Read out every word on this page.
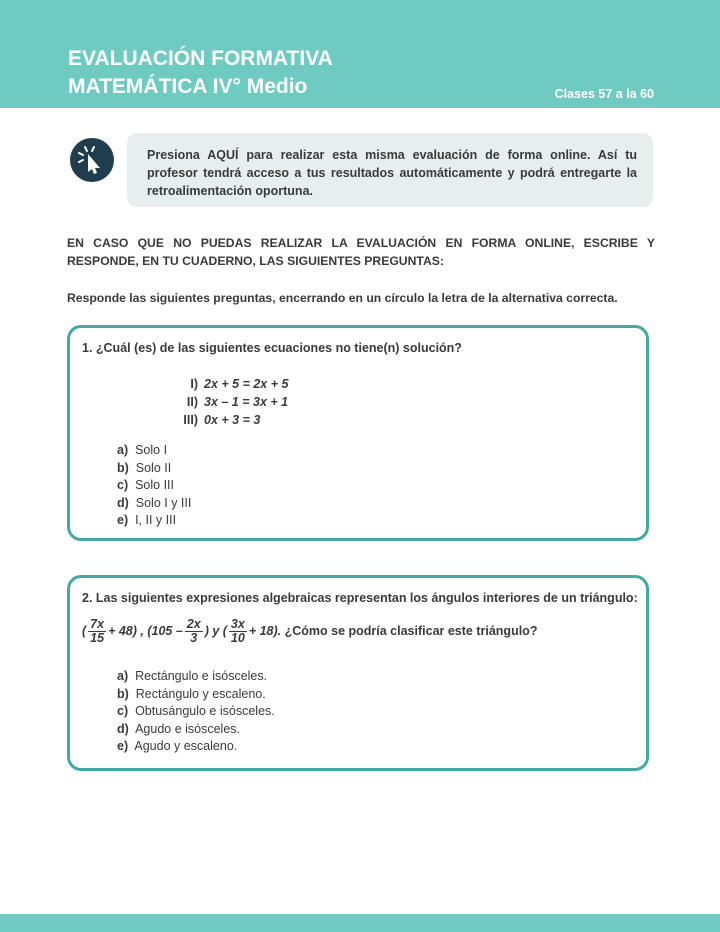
EVALUACIÓN FORMATIVA
MATEMÁTICA IV° Medio	Clases 57 a la 60
Presiona AQUÍ para realizar esta misma evaluación de forma online. Así tu profesor tendrá acceso a tus resultados automáticamente y podrá entregarte la retroalimentación oportuna.
EN CASO QUE NO PUEDAS REALIZAR LA EVALUACIÓN EN FORMA ONLINE, ESCRIBE Y RESPONDE, EN TU CUADERNO, LAS SIGUIENTES PREGUNTAS:
Responde las siguientes preguntas, encerrando en un círculo la letra de la alternativa correcta.
1. ¿Cuál (es) de las siguientes ecuaciones no tiene(n) solución?
I) 2x + 5 = 2x + 5
II) 3x – 1 = 3x + 1
III) 0x + 3 = 3
a) Solo I
b) Solo II
c) Solo III
d) Solo I y III
e) I, II y III
2. Las siguientes expresiones algebraicas representan los ángulos interiores de un triángulo:
( $\frac{7x}{15} + 48$) , ($105 - \frac{2x}{3}$ ) y ( $\frac{3x}{10} + 18$). ¿Cómo se podría clasificar este triángulo?
a) Rectángulo e isósceles.
b) Rectángulo y escaleno.
c) Obtusángulo e isósceles.
d) Agudo e isósceles.
e) Agudo y escaleno.
